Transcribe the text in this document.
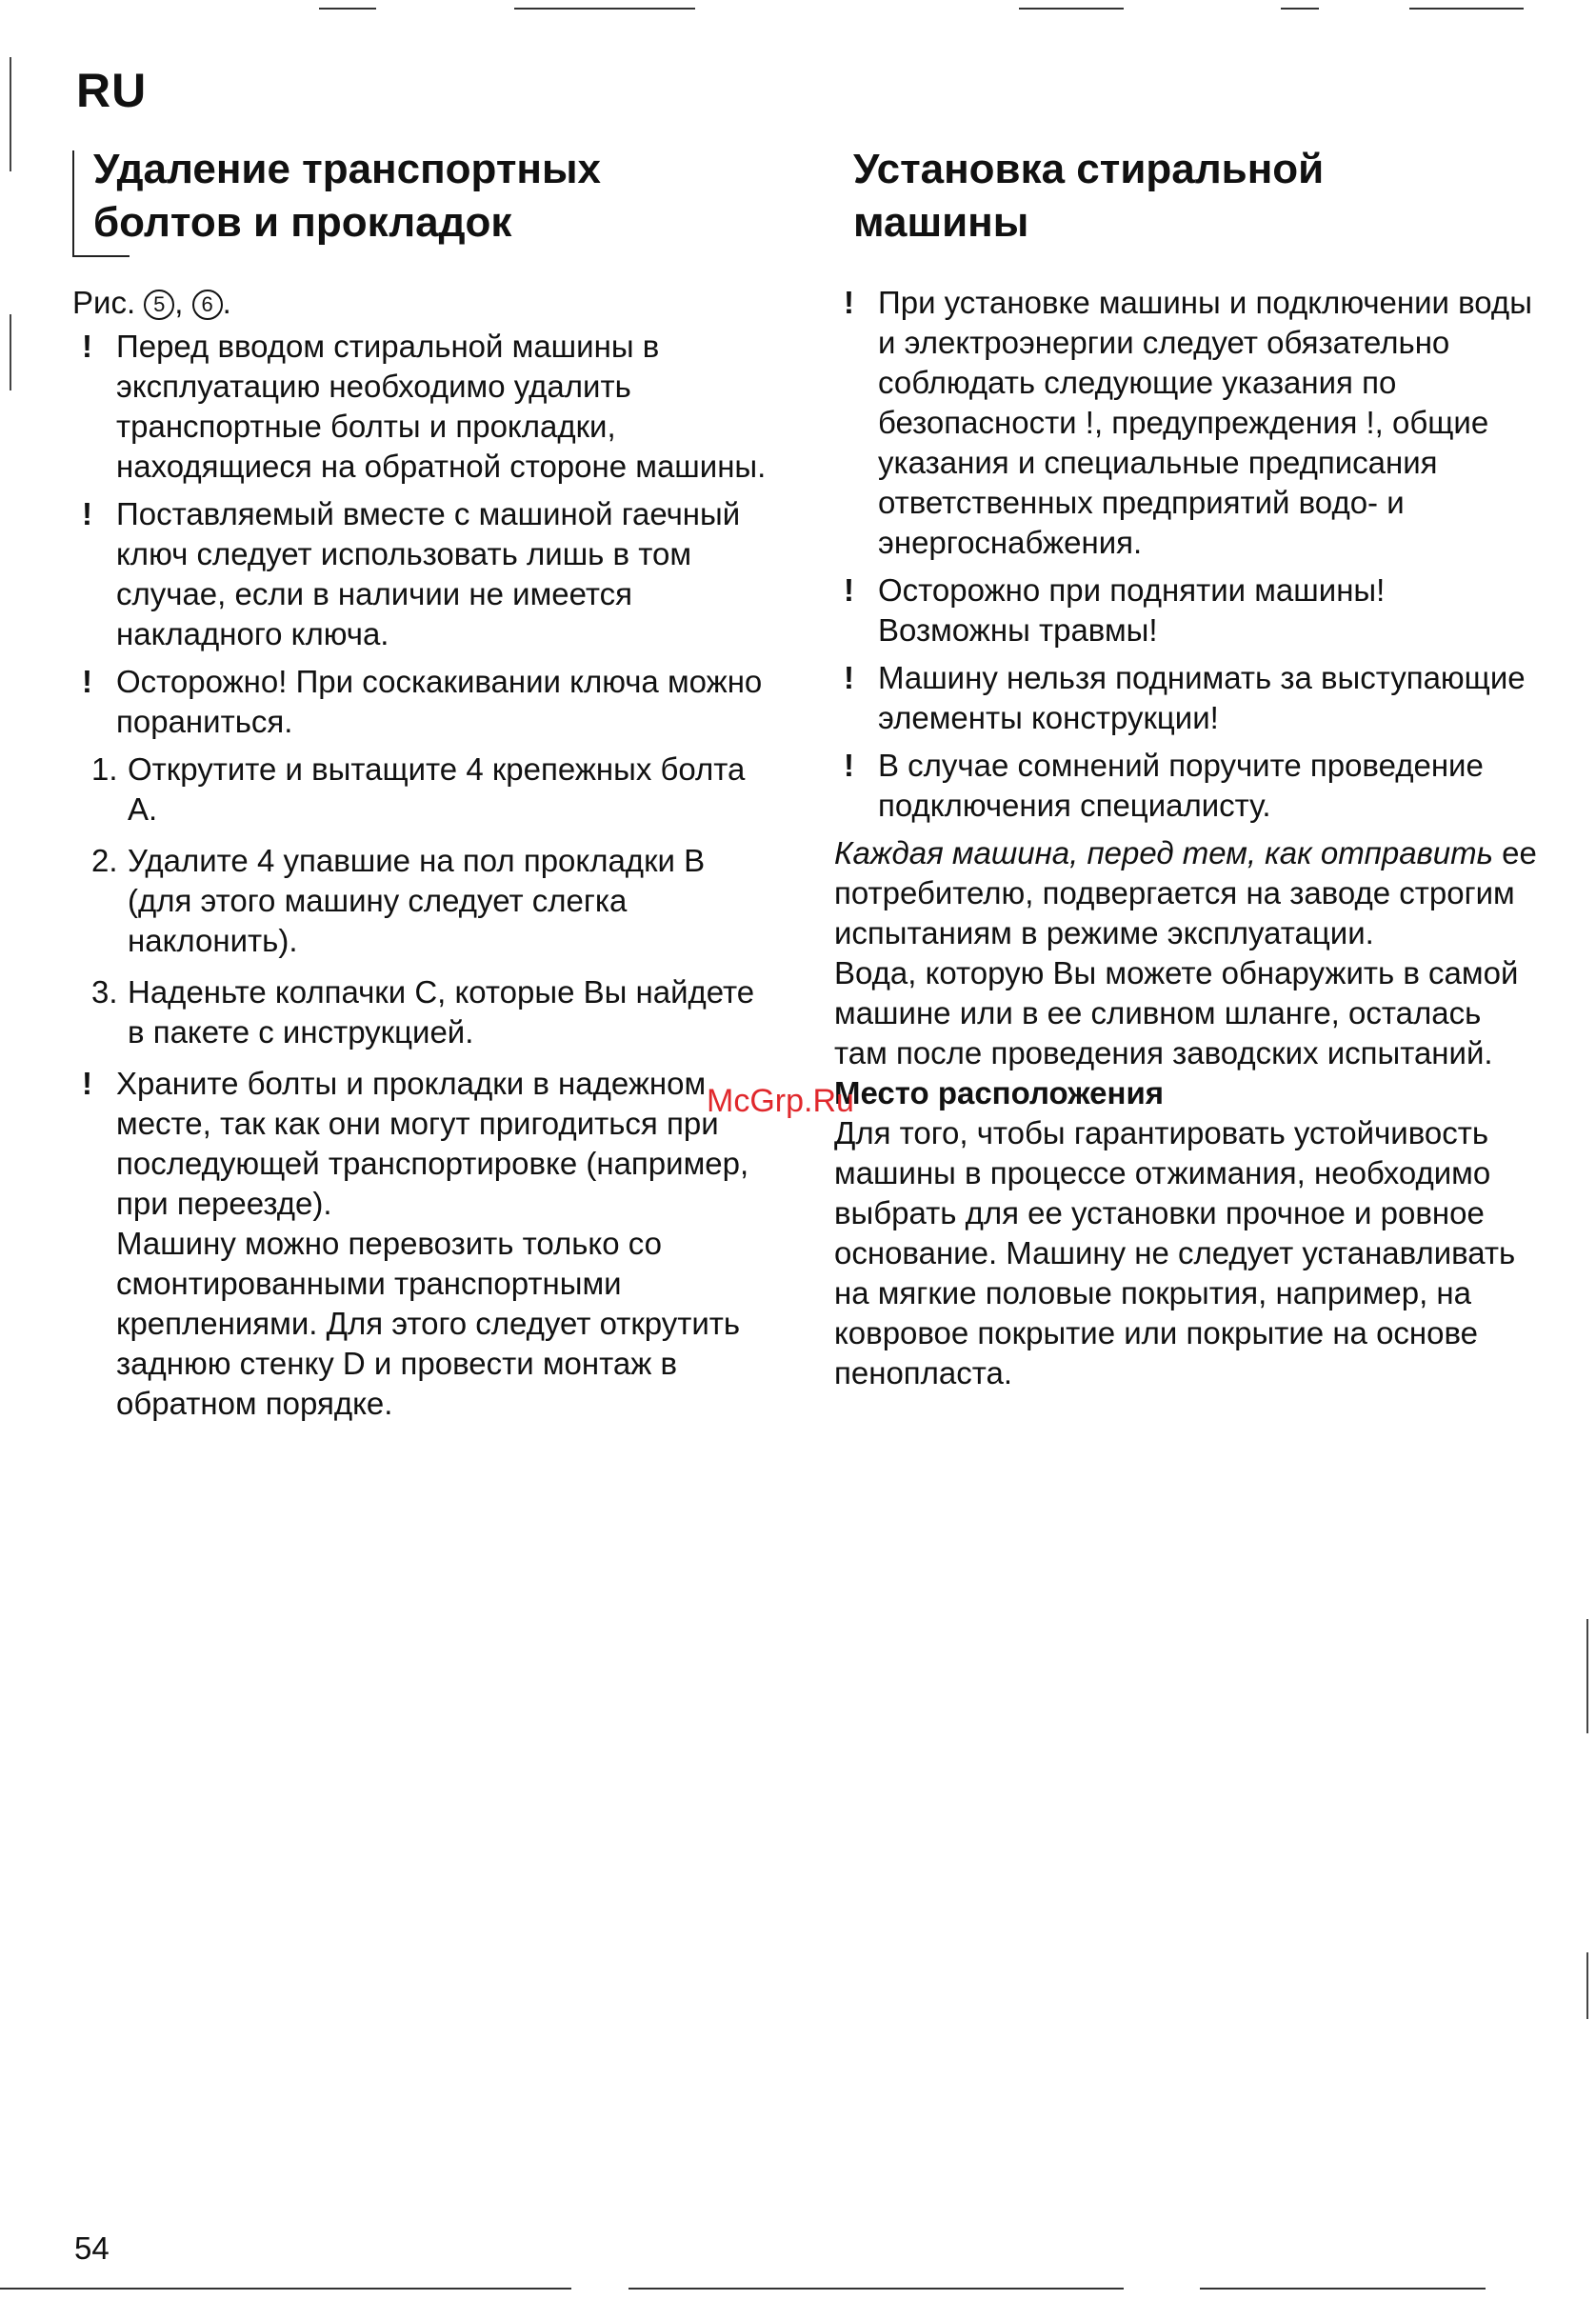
RU
Удаление транспортных
болтов и прокладок

Рис. 5 , 6 .

! Перед вводом стиральной машины в эксплуатацию необходимо удалить транспортные болты и прокладки, находящиеся на обратной стороне машины.
! Поставляемый вместе с машиной гаечный ключ следует использовать лишь в том случае, если в наличии не имеется накладного ключа.
! Осторожно! При соскакивании ключа можно пораниться.
1. Открутите и вытащите 4 крепежных болта А.
2. Удалите 4 упавшие на пол прокладки В (для этого машину следует слегка наклонить).
3. Наденьте колпачки С, которые Вы найдете в пакете с инструкцией.
! Храните болты и прокладки в надежном месте, так как они могут пригодиться при последующей транспортировке (например, при переезде).
Машину можно перевозить только со смонтированными транспортными креплениями. Для этого следует открутить заднюю стенку D и провести монтаж в обратном порядке.
Установка стиральной
машины
! При установке машины и подключении воды и электроэнергии следует обязательно соблюдать следующие указания по безопасности !, предупреждения !, общие указания и специальные предписания ответственных предприятий водо- и энергоснабжения.
! Осторожно при поднятии машины! Возможны травмы!
! Машину нельзя поднимать за выступающие элементы конструкции!
! В случае сомнений поручите проведение подключения специалисту.

Каждая машина, перед тем, как отправить ее потребителю, подвергается на заводе строгим испытаниям в режиме эксплуатации.

Вода, которую Вы можете обнаружить в самой машине или в ее сливном шланге, осталась там после проведения заводских испытаний.

Место расположения

Для того, чтобы гарантировать устойчивость машины в процессе отжимания, необходимо выбрать для ее установки прочное и ровное основание. Машину не следует устанавливать на мягкие половые покрытия, например, на ковровое покрытие или покрытие на основе пенопласта.

McGrp.Ru
54
